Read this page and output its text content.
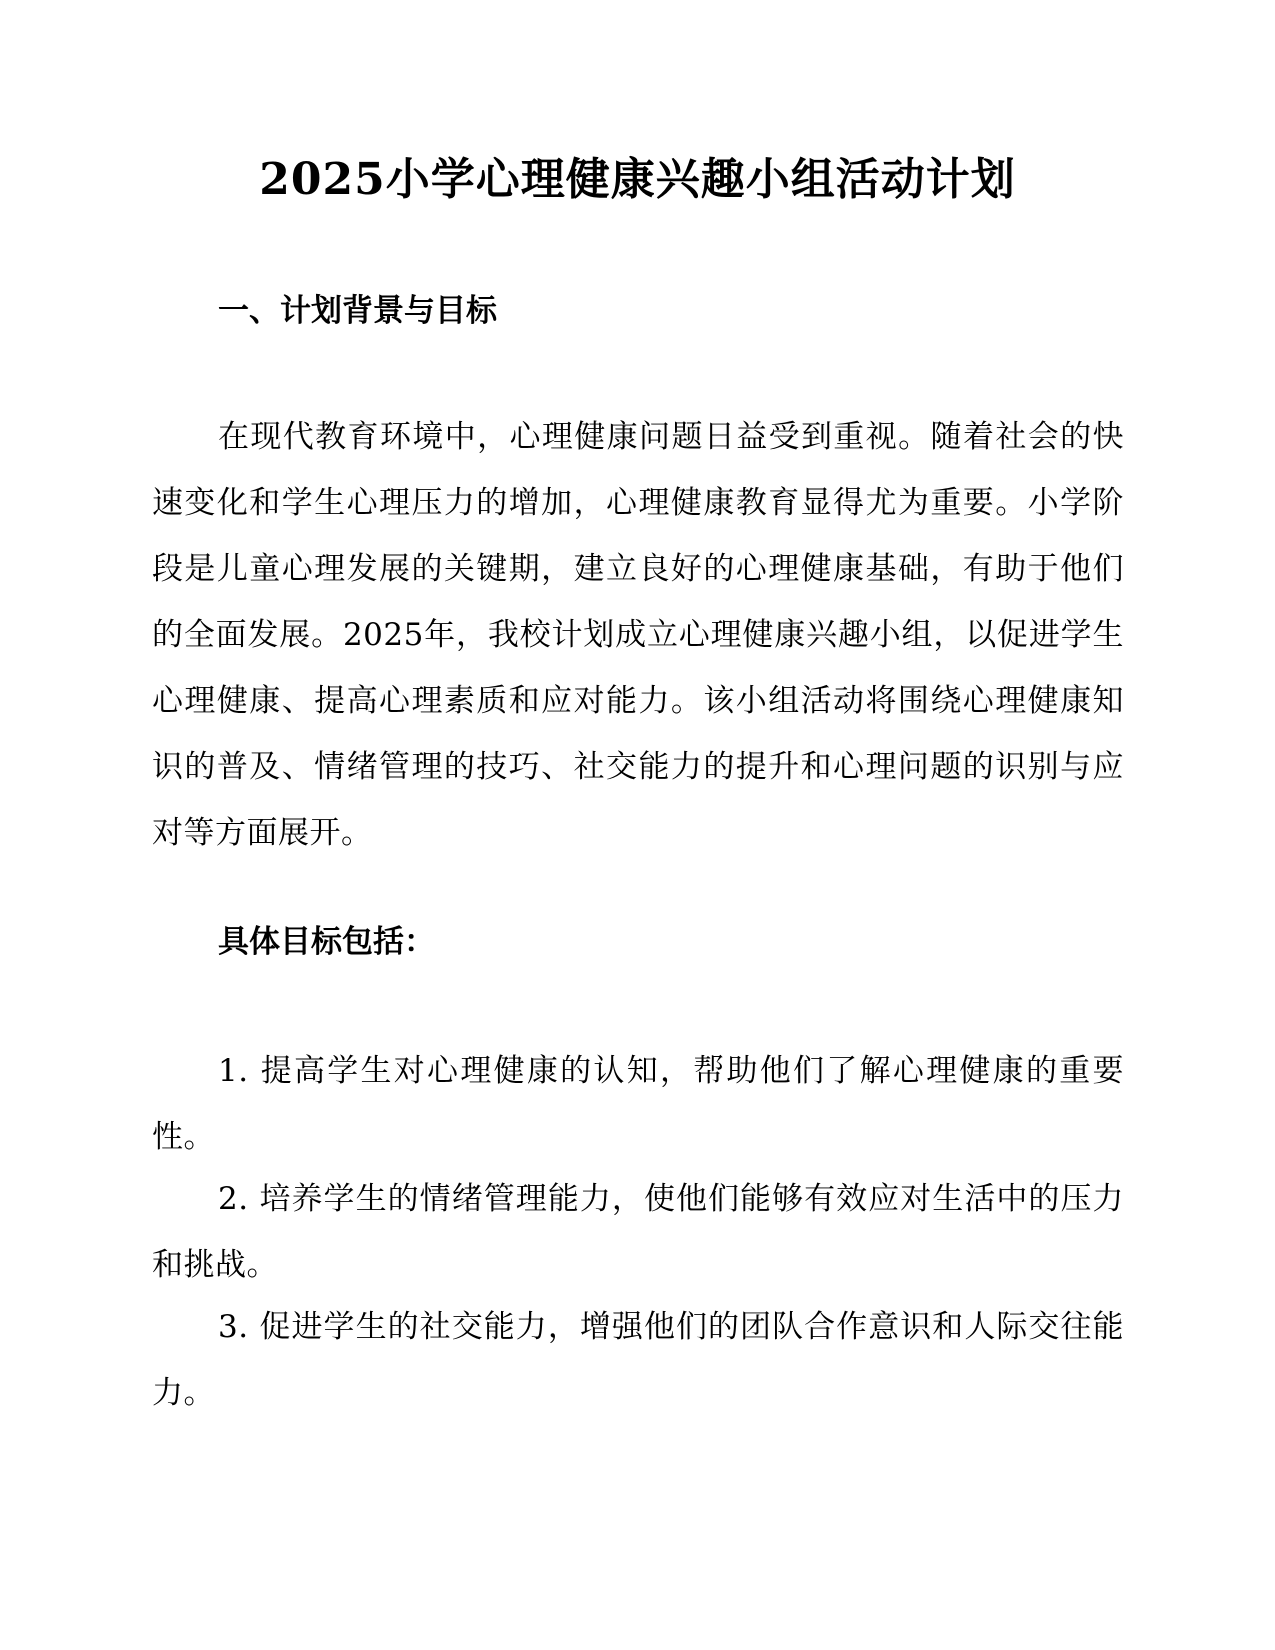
2025小学心理健康兴趣小组活动计划
一、计划背景与目标
在现代教育环境中，心理健康问题日益受到重视。随着社会的快速变化和学生心理压力的增加，心理健康教育显得尤为重要。小学阶段是儿童心理发展的关键期，建立良好的心理健康基础，有助于他们的全面发展。2025年，我校计划成立心理健康兴趣小组，以促进学生心理健康、提高心理素质和应对能力。该小组活动将围绕心理健康知识的普及、情绪管理的技巧、社交能力的提升和心理问题的识别与应对等方面展开。
具体目标包括：
1. 提高学生对心理健康的认知，帮助他们了解心理健康的重要性。
2. 培养学生的情绪管理能力，使他们能够有效应对生活中的压力和挑战。
3. 促进学生的社交能力，增强他们的团队合作意识和人际交往能力。
